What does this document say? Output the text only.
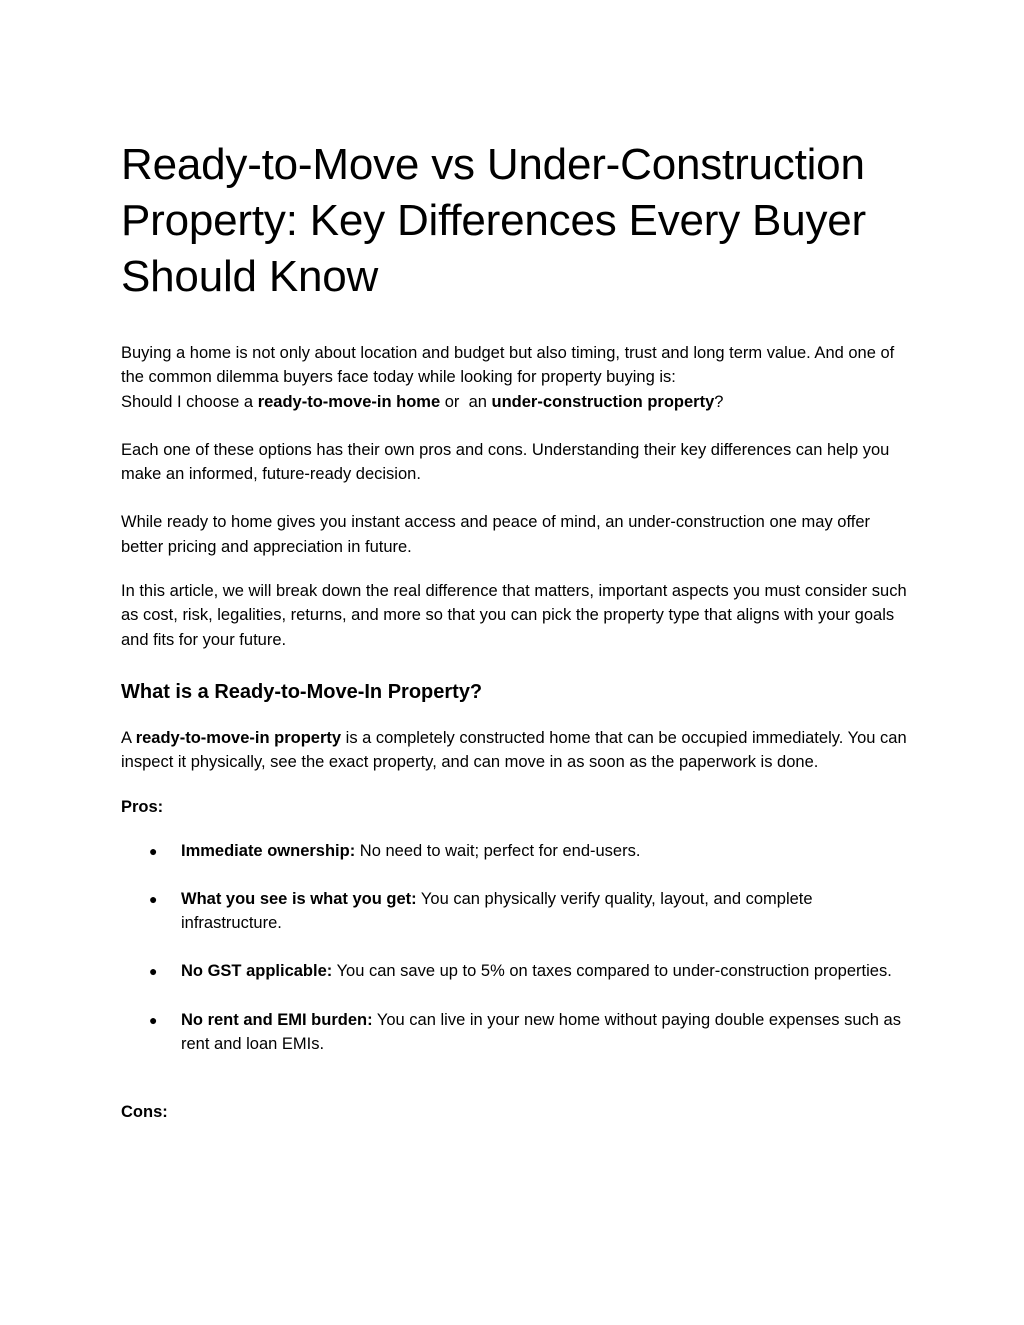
Ready-to-Move vs Under-Construction Property: Key Differences Every Buyer Should Know

Buying a home is not only about location and budget but also timing, trust and long term value. And one of the common dilemma buyers face today while looking for property buying is:
Should I choose a ready-to-move-in home or  an under-construction property?

Each one of these options has their own pros and cons. Understanding their key differences can help you make an informed, future-ready decision.

While ready to home gives you instant access and peace of mind, an under-construction one may offer better pricing and appreciation in future.

In this article, we will break down the real difference that matters, important aspects you must consider such as cost, risk, legalities, returns, and more so that you can pick the property type that aligns with your goals and fits for your future.

What is a Ready-to-Move-In Property?

A ready-to-move-in property is a completely constructed home that can be occupied immediately. You can inspect it physically, see the exact property, and can move in as soon as the paperwork is done.

Pros:

● Immediate ownership: No need to wait; perfect for end-users.
● What you see is what you get: You can physically verify quality, layout, and complete infrastructure.
● No GST applicable: You can save up to 5% on taxes compared to under-construction properties.
● No rent and EMI burden: You can live in your new home without paying double expenses such as rent and loan EMIs.

Cons:
